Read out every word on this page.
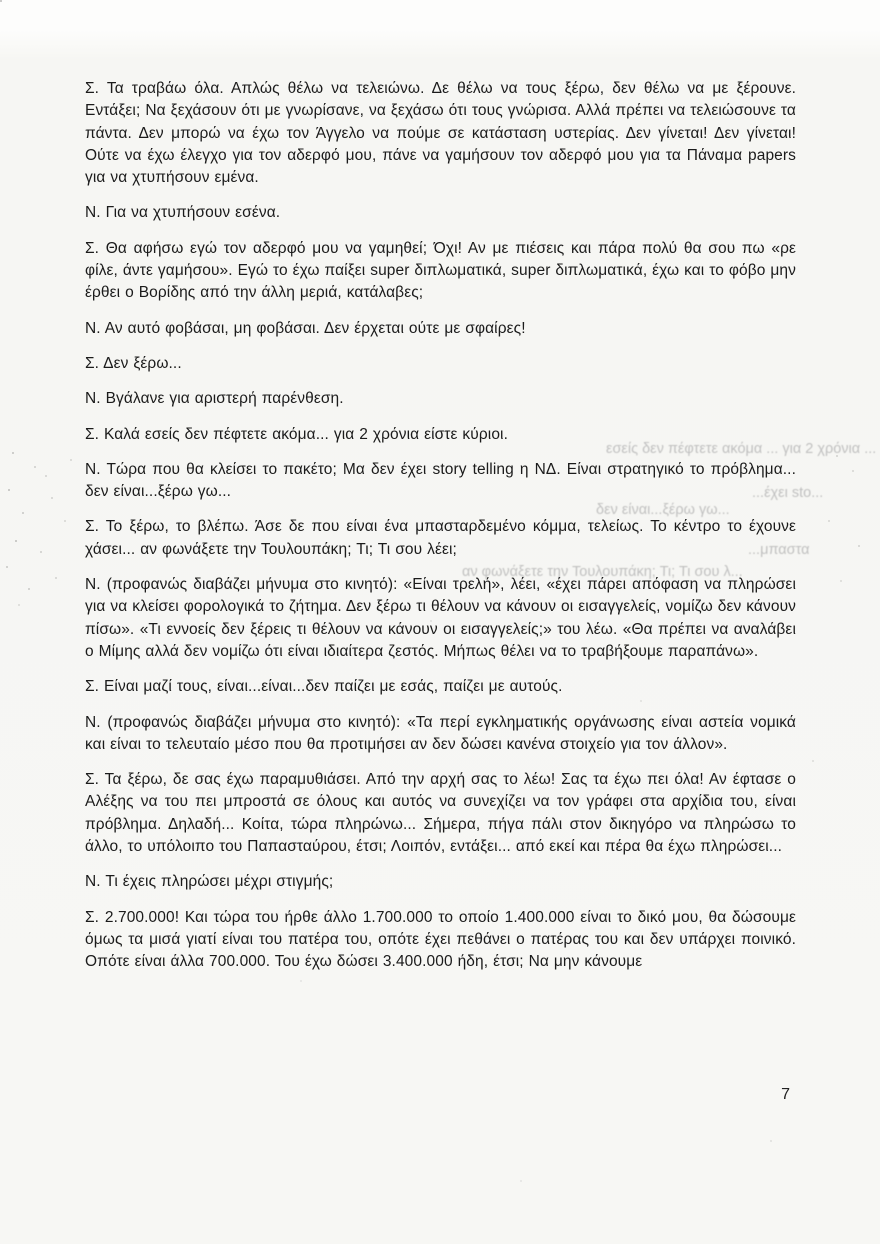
Σ. Τα τραβάω όλα. Απλώς θέλω να τελειώνω. Δε θέλω να τους ξέρω, δεν θέλω να με ξέρουνε. Εντάξει; Να ξεχάσουν ότι με γνωρίσανε, να ξεχάσω ότι τους γνώρισα. Αλλά πρέπει να τελειώσουνε τα πάντα. Δεν μπορώ να έχω τον Άγγελο να πούμε σε κατάσταση υστερίας. Δεν γίνεται! Δεν γίνεται! Ούτε να έχω έλεγχο για τον αδερφό μου, πάνε να γαμήσουν τον αδερφό μου για τα Πάναμα papers για να χτυπήσουν εμένα.

Ν. Για να χτυπήσουν εσένα.

Σ. Θα αφήσω εγώ τον αδερφό μου να γαμηθεί; Όχι! Αν με πιέσεις και πάρα πολύ θα σου πω «ρε φίλε, άντε γαμήσου». Εγώ το έχω παίξει super διπλωματικά, super διπλωματικά, έχω και το φόβο μην έρθει ο Βορίδης από την άλλη μεριά, κατάλαβες;

Ν. Αν αυτό φοβάσαι, μη φοβάσαι. Δεν έρχεται ούτε με σφαίρες!

Σ. Δεν ξέρω...

Ν. Βγάλανε για αριστερή παρένθεση.

Σ. Καλά εσείς δεν πέφτετε ακόμα... για 2 χρόνια είστε κύριοι.

Ν. Τώρα που θα κλείσει το πακέτο; Μα δεν έχει story telling η ΝΔ. Είναι στρατηγικό το πρόβλημα... δεν είναι...ξέρω γω...

Σ. Το ξέρω, το βλέπω. Άσε δε που είναι ένα μπασταρδεμένο κόμμα, τελείως. Το κέντρο το έχουνε χάσει... αν φωνάξετε την Τουλουπάκη; Τι; Τι σου λέει;

Ν. (προφανώς διαβάζει μήνυμα στο κινητό): «Είναι τρελή», λέει, «έχει πάρει απόφαση να πληρώσει για να κλείσει φορολογικά το ζήτημα. Δεν ξέρω τι θέλουν να κάνουν οι εισαγγελείς, νομίζω δεν κάνουν πίσω». «Τι εννοείς δεν ξέρεις τι θέλουν να κάνουν οι εισαγγελείς;» του λέω. «Θα πρέπει να αναλάβει ο Μίμης αλλά δεν νομίζω ότι είναι ιδιαίτερα ζεστός. Μήπως θέλει να το τραβήξουμε παραπάνω».

Σ. Είναι μαζί τους, είναι...είναι...δεν παίζει με εσάς, παίζει με αυτούς.

Ν. (προφανώς διαβάζει μήνυμα στο κινητό): «Τα περί εγκληματικής οργάνωσης είναι αστεία νομικά και είναι το τελευταίο μέσο που θα προτιμήσει αν δεν δώσει κανένα στοιχείο για τον άλλον».

Σ. Τα ξέρω, δε σας έχω παραμυθιάσει. Από την αρχή σας το λέω! Σας τα έχω πει όλα! Αν έφτασε ο Αλέξης να του πει μπροστά σε όλους και αυτός να συνεχίζει να τον γράφει στα αρχίδια του, είναι πρόβλημα. Δηλαδή... Κοίτα, τώρα πληρώνω... Σήμερα, πήγα πάλι στον δικηγόρο να πληρώσω το άλλο, το υπόλοιπο του Παπασταύρου, έτσι; Λοιπόν, εντάξει... από εκεί και πέρα θα έχω πληρώσει...

Ν. Τι έχεις πληρώσει μέχρι στιγμής;

Σ. 2.700.000! Και τώρα του ήρθε άλλο 1.700.000 το οποίο 1.400.000 είναι το δικό μου, θα δώσουμε όμως τα μισά γιατί είναι του πατέρα του, οπότε έχει πεθάνει ο πατέρας του και δεν υπάρχει ποινικό. Οπότε είναι άλλα 700.000. Του έχω δώσει 3.400.000 ήδη, έτσι; Να μην κάνουμε

εσείς δεν πέφτετε ακόμα ... για 2 χρόνια ...
...έχει sto...
δεν είναι...ξέρω γω...
...μπαστα
αν φωνάξετε την Τουλουπάκη; Τι; Τι σου λ...
7
